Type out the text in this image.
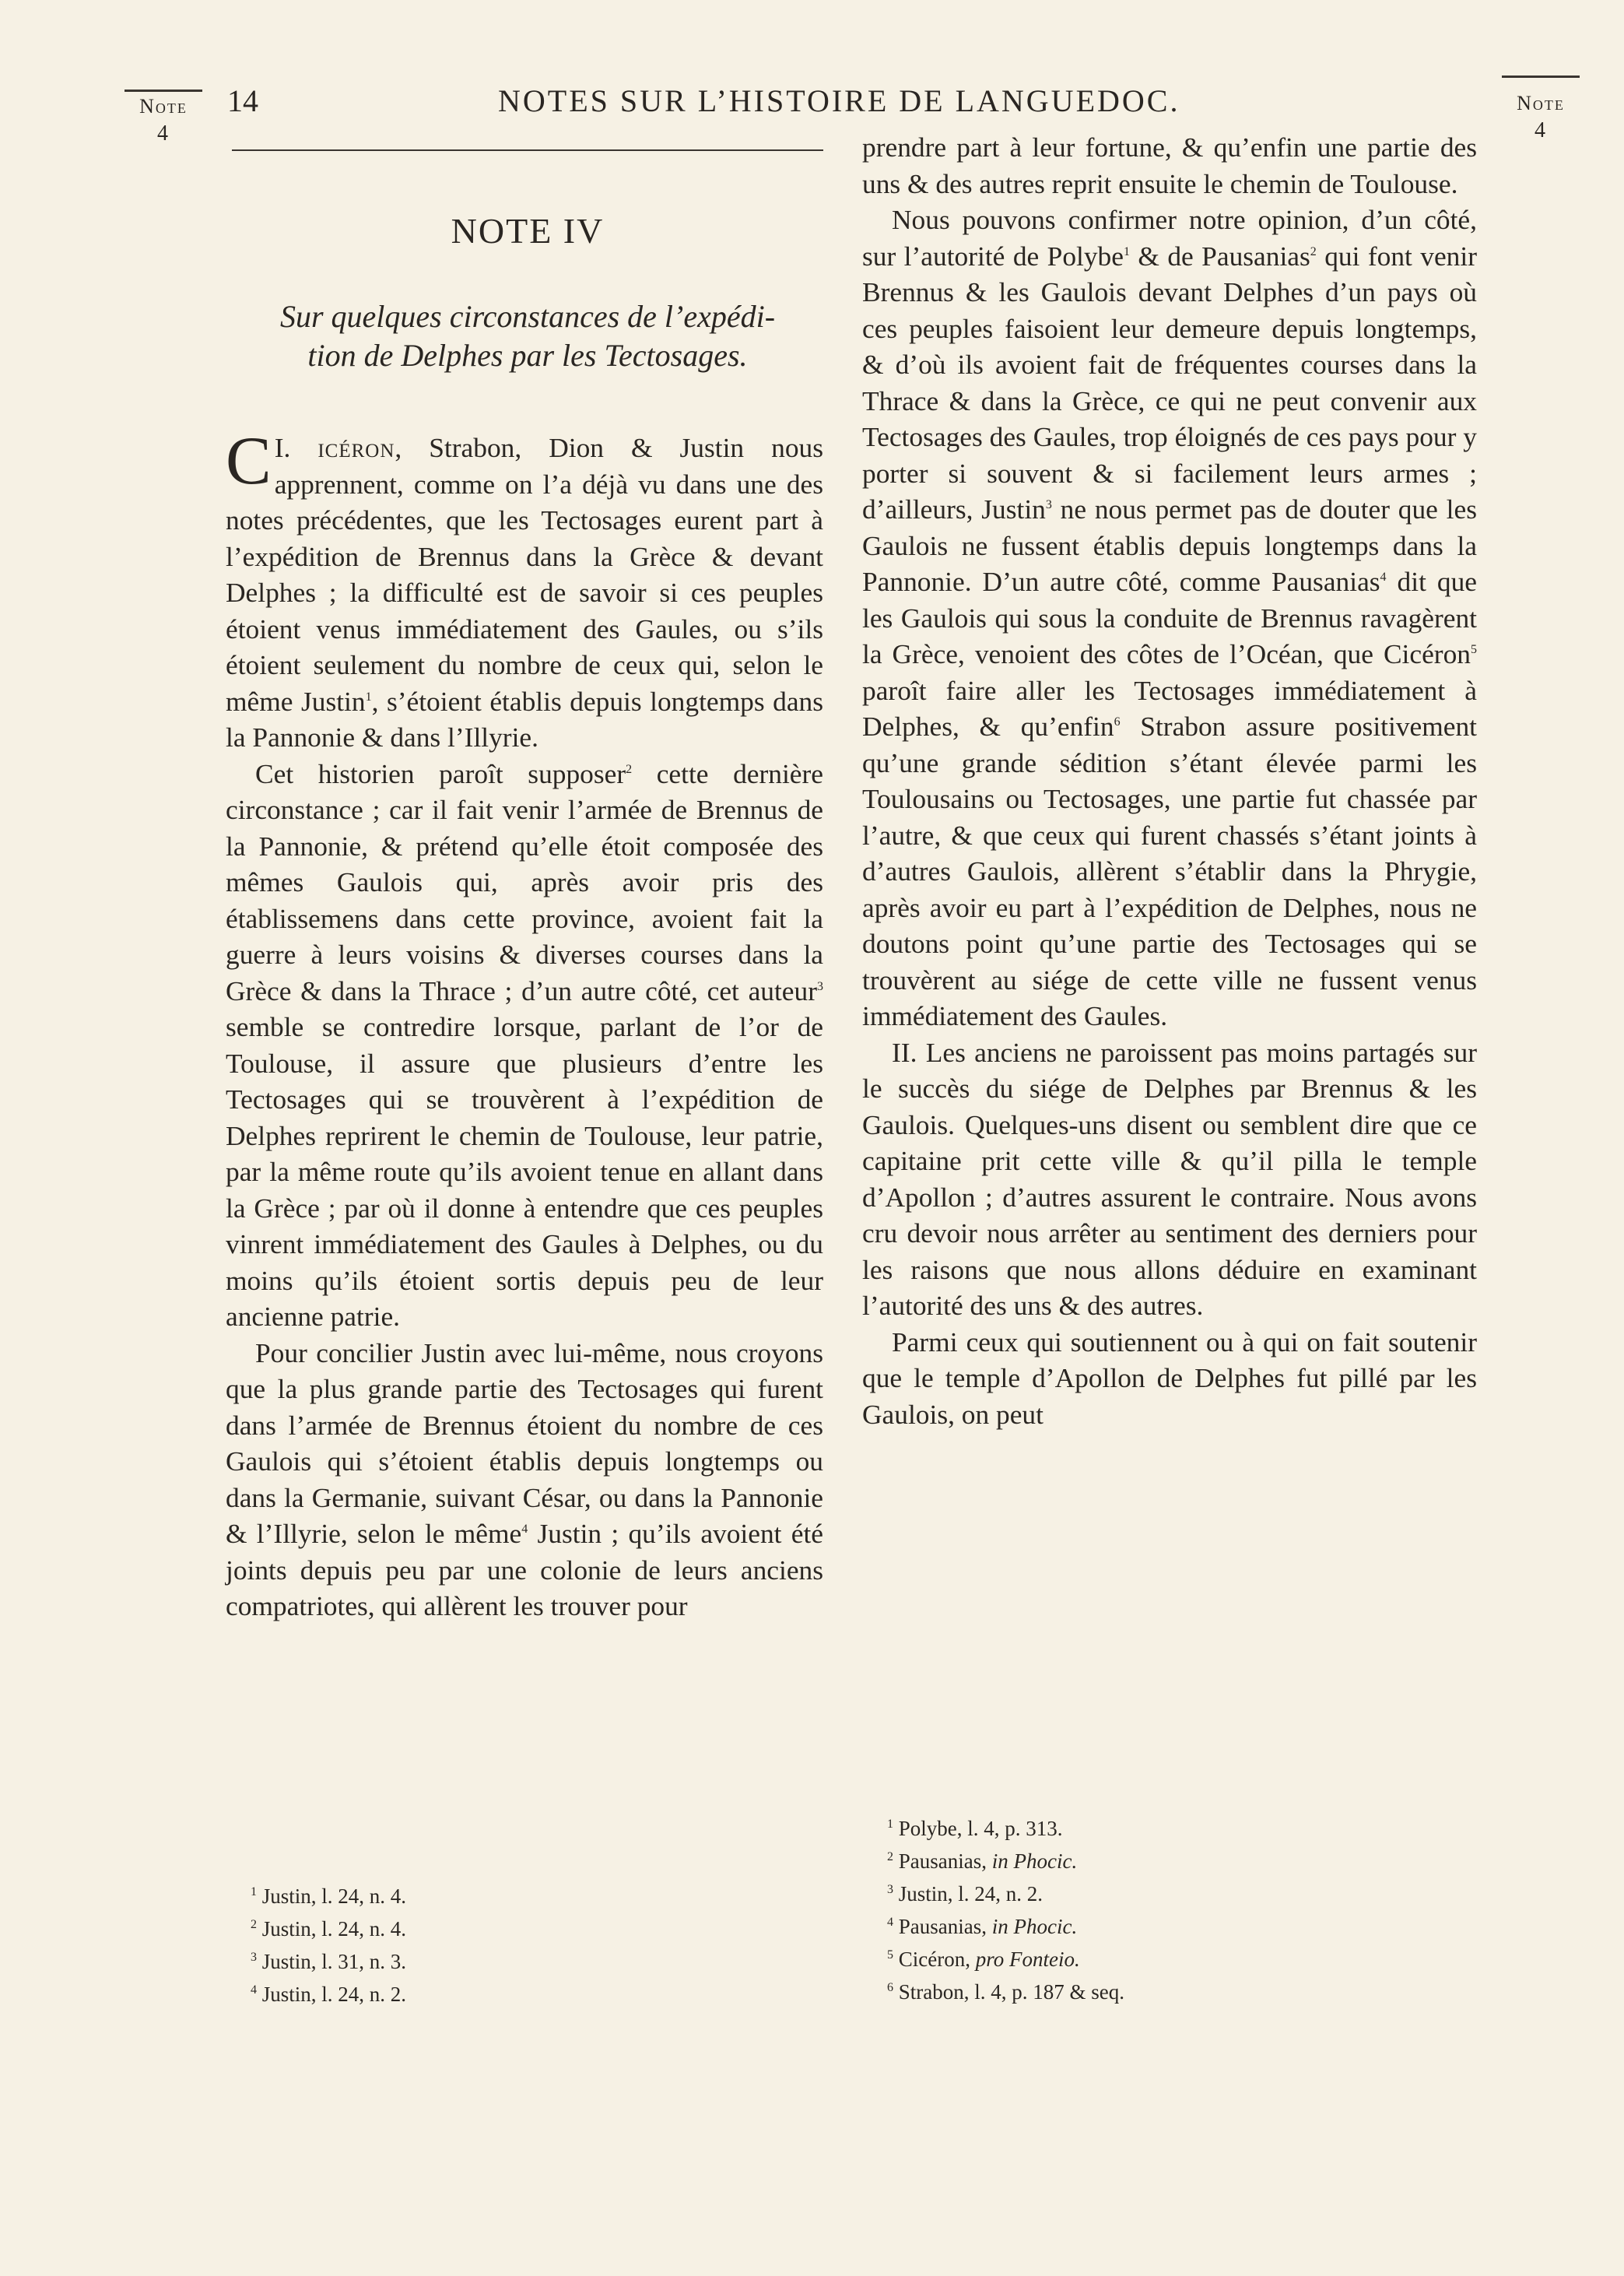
Note
4
Note
4
14	NOTES SUR L’HISTOIRE DE LANGUEDOC.
NOTE IV
Sur quelques circonstances de l’expédi-
tion de Delphes par les Tectosages.

I.
C icéron, Strabon, Dion & Justin nous apprennent, comme on l’a déjà vu dans une des notes précédentes, que les Tectosages eurent part à l’expédition de Brennus dans la Grèce & devant Delphes ; la difficulté est de savoir si ces peuples étoient venus immédiatement des Gaules, ou s’ils étoient seulement du nombre de ceux qui, selon le même Justin$^1$, s’étoient établis depuis longtemps dans la Pannonie & dans l’Illyrie.

Cet historien paroît supposer$^2$ cette dernière circonstance ; car il fait venir l’armée de Brennus de la Pannonie, & prétend qu’elle étoit composée des mêmes Gaulois qui, après avoir pris des établissemens dans cette province, avoient fait la guerre à leurs voisins & diverses courses dans la Grèce & dans la Thrace ; d’un autre côté, cet auteur$^3$ semble se contredire lorsque, parlant de l’or de Toulouse, il assure que plusieurs d’entre les Tectosages qui se trouvèrent à l’expédition de Delphes reprirent le chemin de Toulouse, leur patrie, par la même route qu’ils avoient tenue en allant dans la Grèce ; par où il donne à entendre que ces peuples vinrent immédiatement des Gaules à Delphes, ou du moins qu’ils étoient sortis depuis peu de leur ancienne patrie.

Pour concilier Justin avec lui-même, nous croyons que la plus grande partie des Tectosages qui furent dans l’armée de Brennus étoient du nombre de ces Gaulois qui s’étoient établis depuis longtemps ou dans la Germanie, suivant César, ou dans la Pannonie & l’Illyrie, selon le même$^4$ Justin ; qu’ils avoient été joints depuis peu par une colonie de leurs anciens compatriotes, qui allèrent les trouver pour

$^1$ Justin, l. 24, n. 4.
$^2$ Justin, l. 24, n. 4.
$^3$ Justin, l. 31, n. 3.
$^4$ Justin, l. 24, n. 2.

prendre part à leur fortune, & qu’enfin une partie des uns & des autres reprit ensuite le chemin de Toulouse.

Nous pouvons confirmer notre opinion, d’un côté, sur l’autorité de Polybe$^1$ & de Pausanias$^2$ qui font venir Brennus & les Gaulois devant Delphes d’un pays où ces peuples faisoient leur demeure depuis longtemps, & d’où ils avoient fait de fréquentes courses dans la Thrace & dans la Grèce, ce qui ne peut convenir aux Tectosages des Gaules, trop éloignés de ces pays pour y porter si souvent & si facilement leurs armes ; d’ailleurs, Justin$^3$ ne nous permet pas de douter que les Gaulois ne fussent établis depuis longtemps dans la Pannonie. D’un autre côté, comme Pausanias$^4$ dit que les Gaulois qui sous la conduite de Brennus ravagèrent la Grèce, venoient des côtes de l’Océan, que Cicéron$^5$ paroît faire aller les Tectosages immédiatement à Delphes, & qu’enfin$^6$ Strabon assure positivement qu’une grande sédition s’étant élevée parmi les Toulousains ou Tectosages, une partie fut chassée par l’autre, & que ceux qui furent chassés s’étant joints à d’autres Gaulois, allèrent s’établir dans la Phrygie, après avoir eu part à l’expédition de Delphes, nous ne doutons point qu’une partie des Tectosages qui se trouvèrent au siége de cette ville ne fussent venus immédiatement des Gaules.

II. Les anciens ne paroissent pas moins partagés sur le succès du siége de Delphes par Brennus & les Gaulois. Quelques-uns disent ou semblent dire que ce capitaine prit cette ville & qu’il pilla le temple d’Apollon ; d’autres assurent le contraire. Nous avons cru devoir nous arrêter au sentiment des derniers pour les raisons que nous allons déduire en examinant l’autorité des uns & des autres.

Parmi ceux qui soutiennent ou à qui on fait soutenir que le temple d’Apollon de Delphes fut pillé par les Gaulois, on peut

$^1$ Polybe, l. 4, p. 313.
$^2$ Pausanias, in Phocic.
$^3$ Justin, l. 24, n. 2.
$^4$ Pausanias, in Phocic.
$^5$ Cicéron, pro Fonteio.
$^6$ Strabon, l. 4, p. 187 & seq.
